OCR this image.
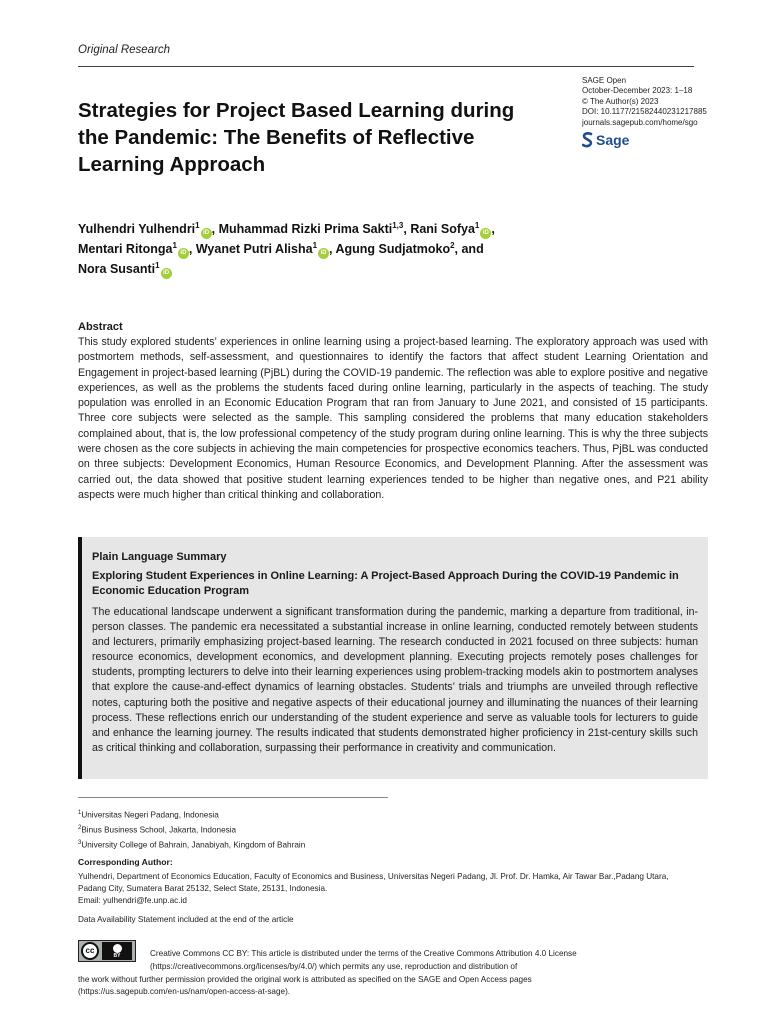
Original Research
SAGE Open
October-December 2023: 1–18
© The Author(s) 2023
DOI: 10.1177/21582440231217885
journals.sagepub.com/home/sgo
Sage
Strategies for Project Based Learning during the Pandemic: The Benefits of Reflective Learning Approach
Yulhendri Yulhendri$^1$iD , Muhammad Rizki Prima Sakti$^{1,3}$, Rani Sofya$^1$iD ,
Mentari Ritonga$^1$iD , Wyanet Putri Alisha$^1$iD , Agung Sudjatmoko$^2$, and
Nora Susanti$^1$iD
Abstract

This study explored students’ experiences in online learning using a project-based learning. The exploratory approach was used with postmortem methods, self-assessment, and questionnaires to identify the factors that affect student Learning Orientation and Engagement in project-based learning (PjBL) during the COVID-19 pandemic. The reflection was able to explore positive and negative experiences, as well as the problems the students faced during online learning, particularly in the aspects of teaching. The study population was enrolled in an Economic Education Program that ran from January to June 2021, and consisted of 15 participants. Three core subjects were selected as the sample. This sampling considered the problems that many education stakeholders complained about, that is, the low professional competency of the study program during online learning. This is why the three subjects were chosen as the core subjects in achieving the main competencies for prospective economics teachers. Thus, PjBL was conducted on three subjects: Development Economics, Human Resource Economics, and Development Planning. After the assessment was carried out, the data showed that positive student learning experiences tended to be higher than negative ones, and P21 ability aspects were much higher than critical thinking and collaboration.

Plain Language Summary
Exploring Student Experiences in Online Learning: A Project-Based Approach During the COVID-19 Pandemic in Economic Education Program

The educational landscape underwent a significant transformation during the pandemic, marking a departure from traditional, in-person classes. The pandemic era necessitated a substantial increase in online learning, conducted remotely between students and lecturers, primarily emphasizing project-based learning. The research conducted in 2021 focused on three subjects: human resource economics, development economics, and development planning. Executing projects remotely poses challenges for students, prompting lecturers to delve into their learning experiences using problem-tracking models akin to postmortem analyses that explore the cause-and-effect dynamics of learning obstacles. Students’ trials and triumphs are unveiled through reflective notes, capturing both the positive and negative aspects of their educational journey and illuminating the nuances of their learning process. These reflections enrich our understanding of the student experience and serve as valuable tools for lecturers to guide and enhance the learning journey. The results indicated that students demonstrated higher proficiency in 21st-century skills such as critical thinking and collaboration, surpassing their performance in creativity and communication.

$^1$Universitas Negeri Padang, Indonesia
$^2$Binus Business School, Jakarta, Indonesia
$^3$University College of Bahrain, Janabiyah, Kingdom of Bahrain
Corresponding Author:
Yulhendri, Department of Economics Education, Faculty of Economics and Business, Universitas Negeri Padang, Jl. Prof. Dr. Hamka, Air Tawar Bar.,Padang Utara, Padang City, Sumatera Barat 25132, Select State, 25131, Indonesia.
Email: yulhendri@fe.unp.ac.id
Data Availability Statement included at the end of the article
cc
BY	Creative Commons CC BY: This article is distributed under the terms of the Creative Commons Attribution 4.0 License
(https://creativecommons.org/licenses/by/4.0/) which permits any use, reproduction and distribution of
the work without further permission provided the original work is attributed as specified on the SAGE and Open Access pages
(https://us.sagepub.com/en-us/nam/open-access-at-sage).
